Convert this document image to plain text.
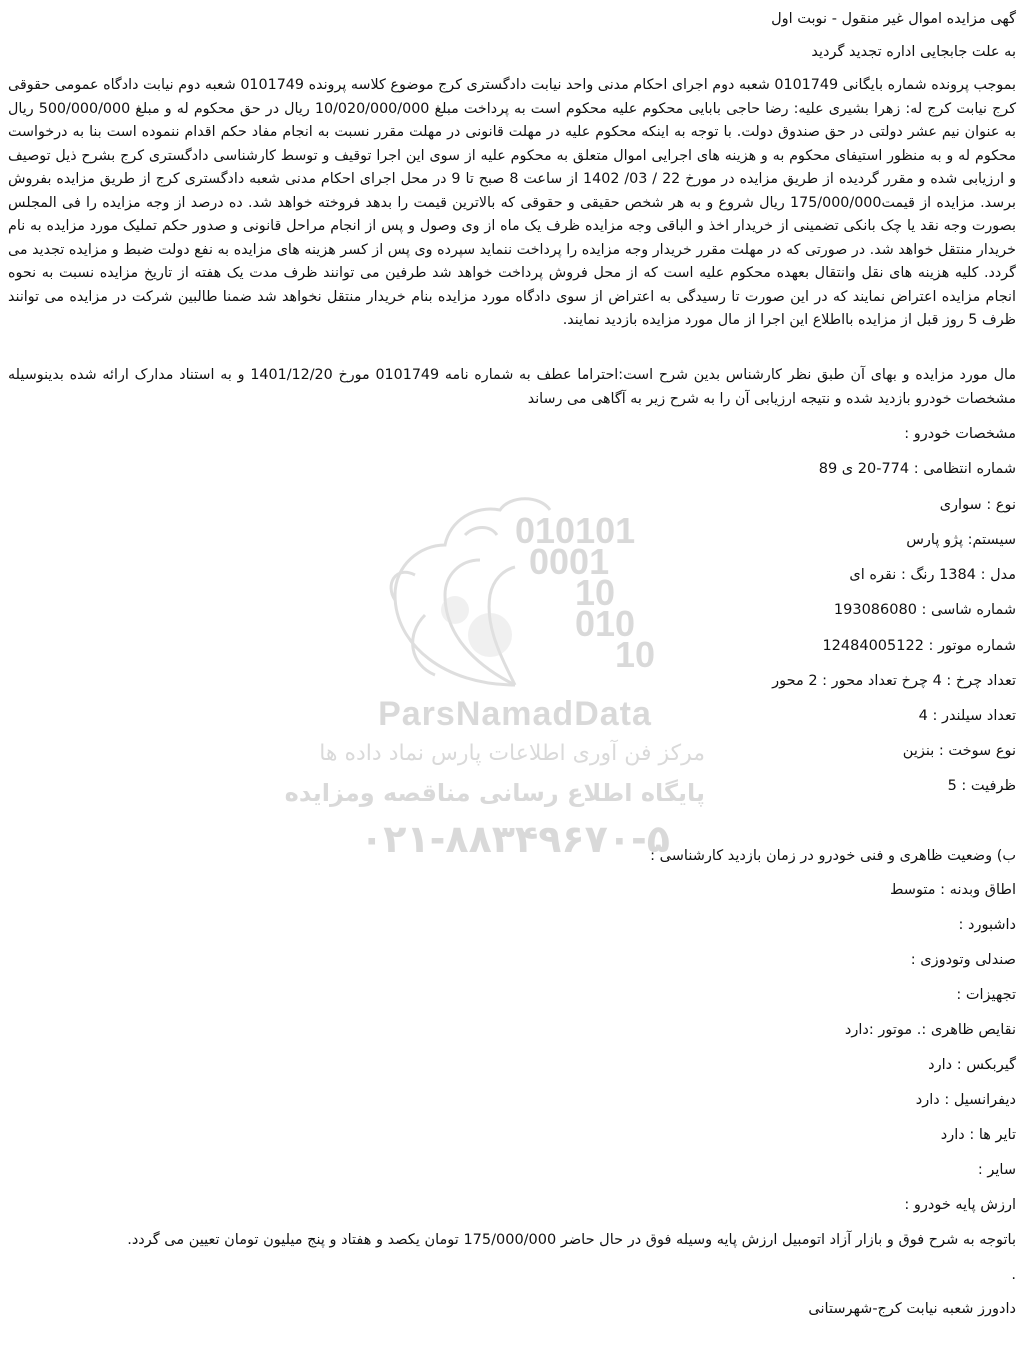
010101
0001
10
010
10
ParsNamadData
مرکز فن آوری اطلاعات پارس نماد داده ها
پایگاه اطلاع رسانی مناقصه ومزایده
۰۲۱-۸۸۳۴۹۶۷۰-۵
گهی مزایده اموال غیر منقول - نوبت اول
به علت جابجایی اداره تجدید گردید
بموجب پرونده شماره بایگانی 0101749 شعبه دوم اجرای احکام مدنی واحد نیابت دادگستری کرج موضوع کلاسه پرونده 0101749 شعبه دوم نیابت دادگاه عمومی حقوقی کرج نیابت کرج له: زهرا بشیری علیه: رضا حاجی بابایی محکوم علیه محکوم است به پرداخت مبلغ 10/020/000/000 ریال در حق محکوم له و مبلغ 500/000/000 ریال به عنوان نیم عشر دولتی در حق صندوق دولت. با توجه به اینکه محکوم علیه در مهلت قانونی در مهلت مقرر نسبت به انجام مفاد حکم اقدام ننموده است بنا به درخواست محکوم له و به منظور استیفای محکوم به و هزینه های اجرایی اموال متعلق به محکوم علیه از سوی این اجرا توقیف و توسط کارشناسی دادگستری کرج بشرح ذیل توصیف و ارزیابی شده و مقرر گردیده از طریق مزایده در مورخ 22 / 03/ 1402 از ساعت 8 صبح تا 9 در محل اجرای احکام مدنی شعبه دادگستری کرج از طریق مزایده بفروش برسد. مزایده از قیمت175/000/000 ریال شروع و به هر شخص حقیقی و حقوقی که بالاترین قیمت را بدهد فروخته خواهد شد. ده درصد از وجه مزایده را فی المجلس بصورت وجه نقد یا چک بانکی تضمینی از خریدار اخذ و الباقی وجه مزایده ظرف یک ماه از وی وصول و پس از انجام مراحل قانونی و صدور حکم تملیک مورد مزایده به نام خریدار منتقل خواهد شد. در صورتی که در مهلت مقرر خریدار وجه مزایده را پرداخت ننماید سپرده وی پس از کسر هزینه های مزایده به نفع دولت ضبط و مزایده تجدید می گردد. کلیه هزینه های نقل وانتقال بعهده محکوم علیه است که از محل فروش پرداخت خواهد شد طرفین می توانند ظرف مدت یک هفته از تاریخ مزایده نسبت به نحوه انجام مزایده اعتراض نمایند که در این صورت تا رسیدگی به اعتراض از سوی دادگاه مورد مزایده بنام خریدار منتقل نخواهد شد ضمنا طالبین شرکت در مزایده می توانند ظرف 5 روز قبل از مزایده بااطلاع این اجرا از مال مورد مزایده بازدید نمایند.
مال مورد مزایده و بهای آن طبق نظر کارشناس بدین شرح است:احتراما عطف به شماره نامه 0101749 مورخ 1401/12/20 و به استناد مدارک ارائه شده بدینوسیله مشخصات خودرو بازدید شده و نتیجه ارزیابی آن را به شرح زیر به آگاهی می رساند
مشخصات خودرو :
شماره انتظامی : 774-20 ی 89
نوع : سواری
سیستم: پژو پارس
مدل : 1384 رنگ : نقره ای
شماره شاسی : 193086080
شماره موتور : 12484005122
تعداد چرخ : 4 چرخ تعداد محور : 2 محور
تعداد سیلندر : 4
نوع سوخت : بنزین
ظرفیت : 5
ب) وضعیت ظاهری و فنی خودرو در زمان بازدید کارشناسی :
اطاق وبدنه : متوسط
داشبورد :
صندلی وتودوزی :
تجهیزات :
نقایص ظاهری :. موتور :دارد
گیربکس : دارد
دیفرانسیل : دارد
تایر ها : دارد
سایر :
ارزش پایه خودرو :
باتوجه به شرح فوق و بازار آزاد اتومبیل ارزش پایه وسیله فوق در حال حاضر 175/000/000 تومان یکصد و هفتاد و پنج میلیون تومان تعیین می گردد.
.
دادورز شعبه نیابت کرج-شهرستانی
